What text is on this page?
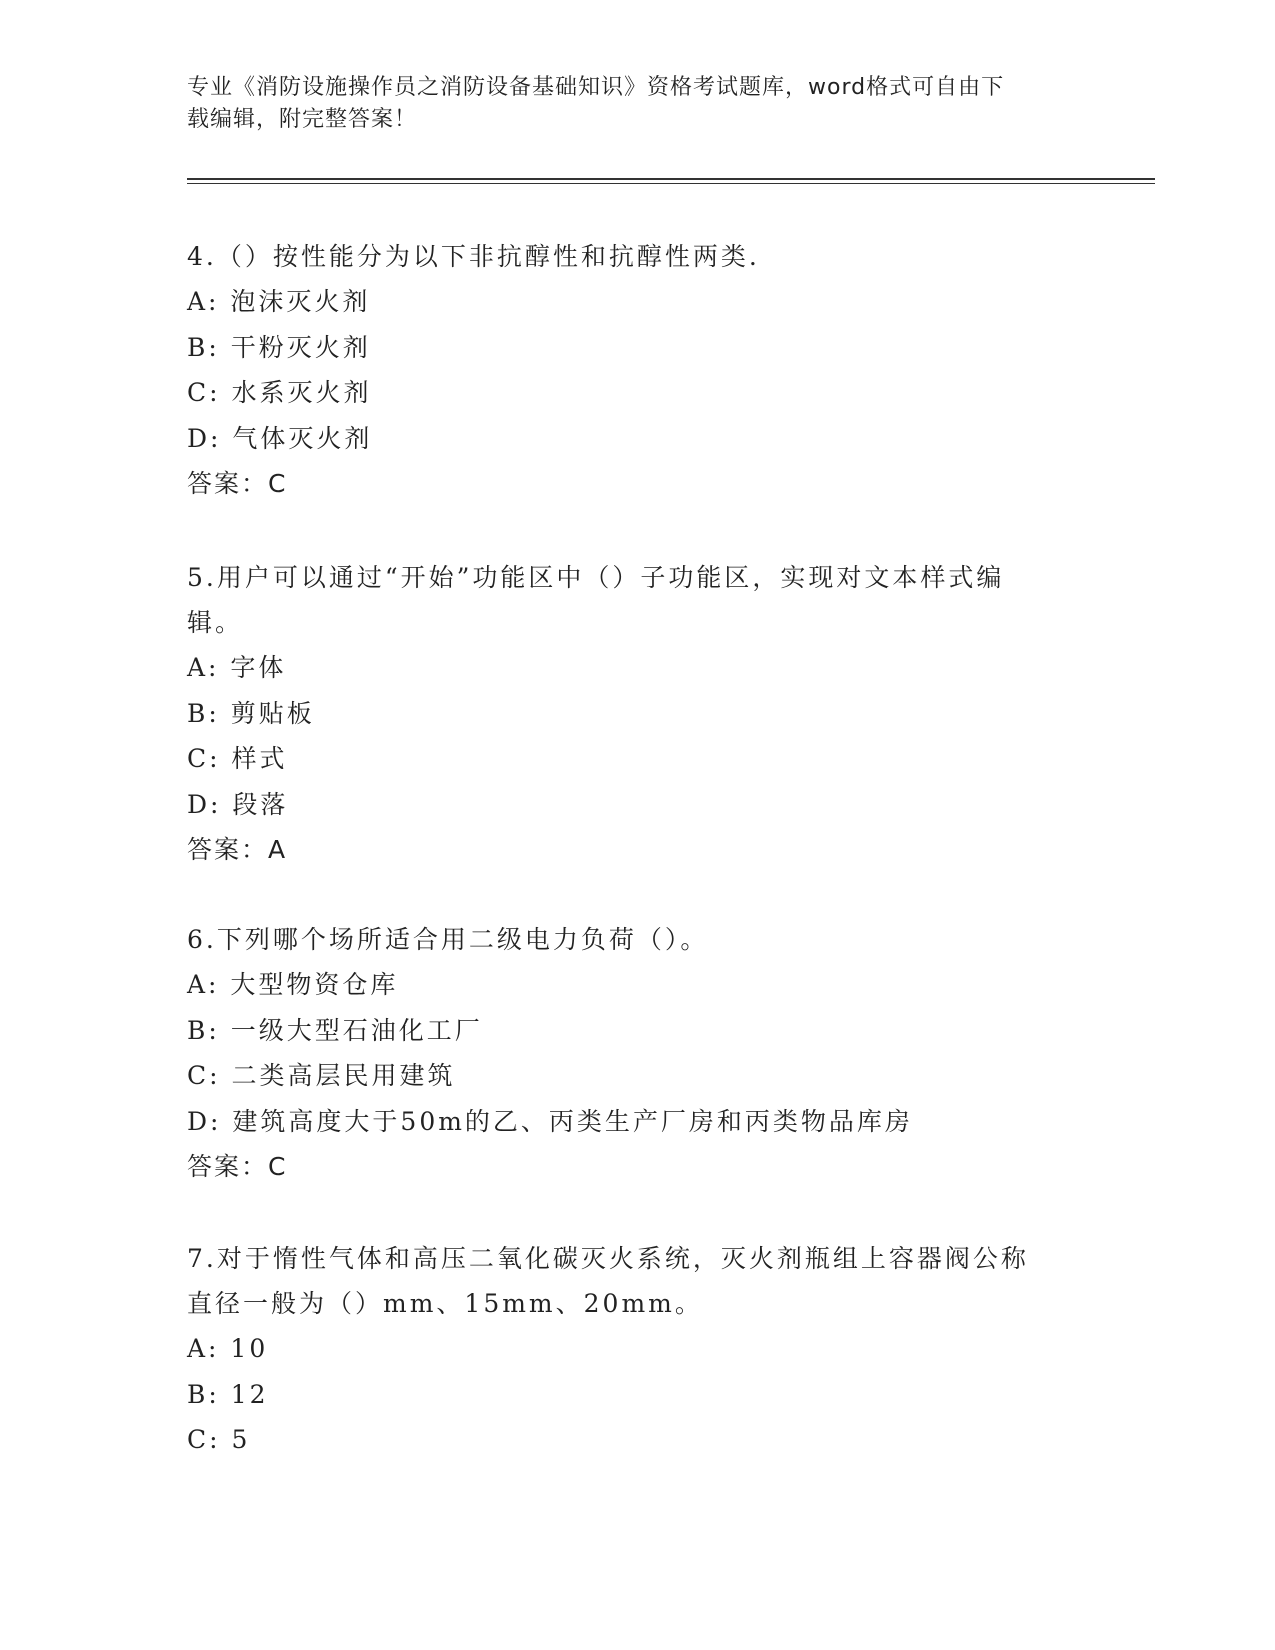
专业《消防设施操作员之消防设备基础知识》资格考试题库，word格式可自由下
载编辑，附完整答案！

4.（）按性能分为以下非抗醇性和抗醇性两类.

A: 泡沫灭火剂

B: 干粉灭火剂

C: 水系灭火剂

D: 气体灭火剂

答案：C

5.用户可以通过“开始”功能区中（）子功能区，实现对文本样式编

辑。

A: 字体

B: 剪贴板

C: 样式

D: 段落

答案：A

6.下列哪个场所适合用二级电力负荷（）。

A: 大型物资仓库

B: 一级大型石油化工厂

C: 二类高层民用建筑

D: 建筑高度大于50m的乙、丙类生产厂房和丙类物品库房

答案：C

7.对于惰性气体和高压二氧化碳灭火系统，灭火剂瓶组上容器阀公称

直径一般为（）mm、15mm、20mm。

A: 10

B: 12

C: 5
